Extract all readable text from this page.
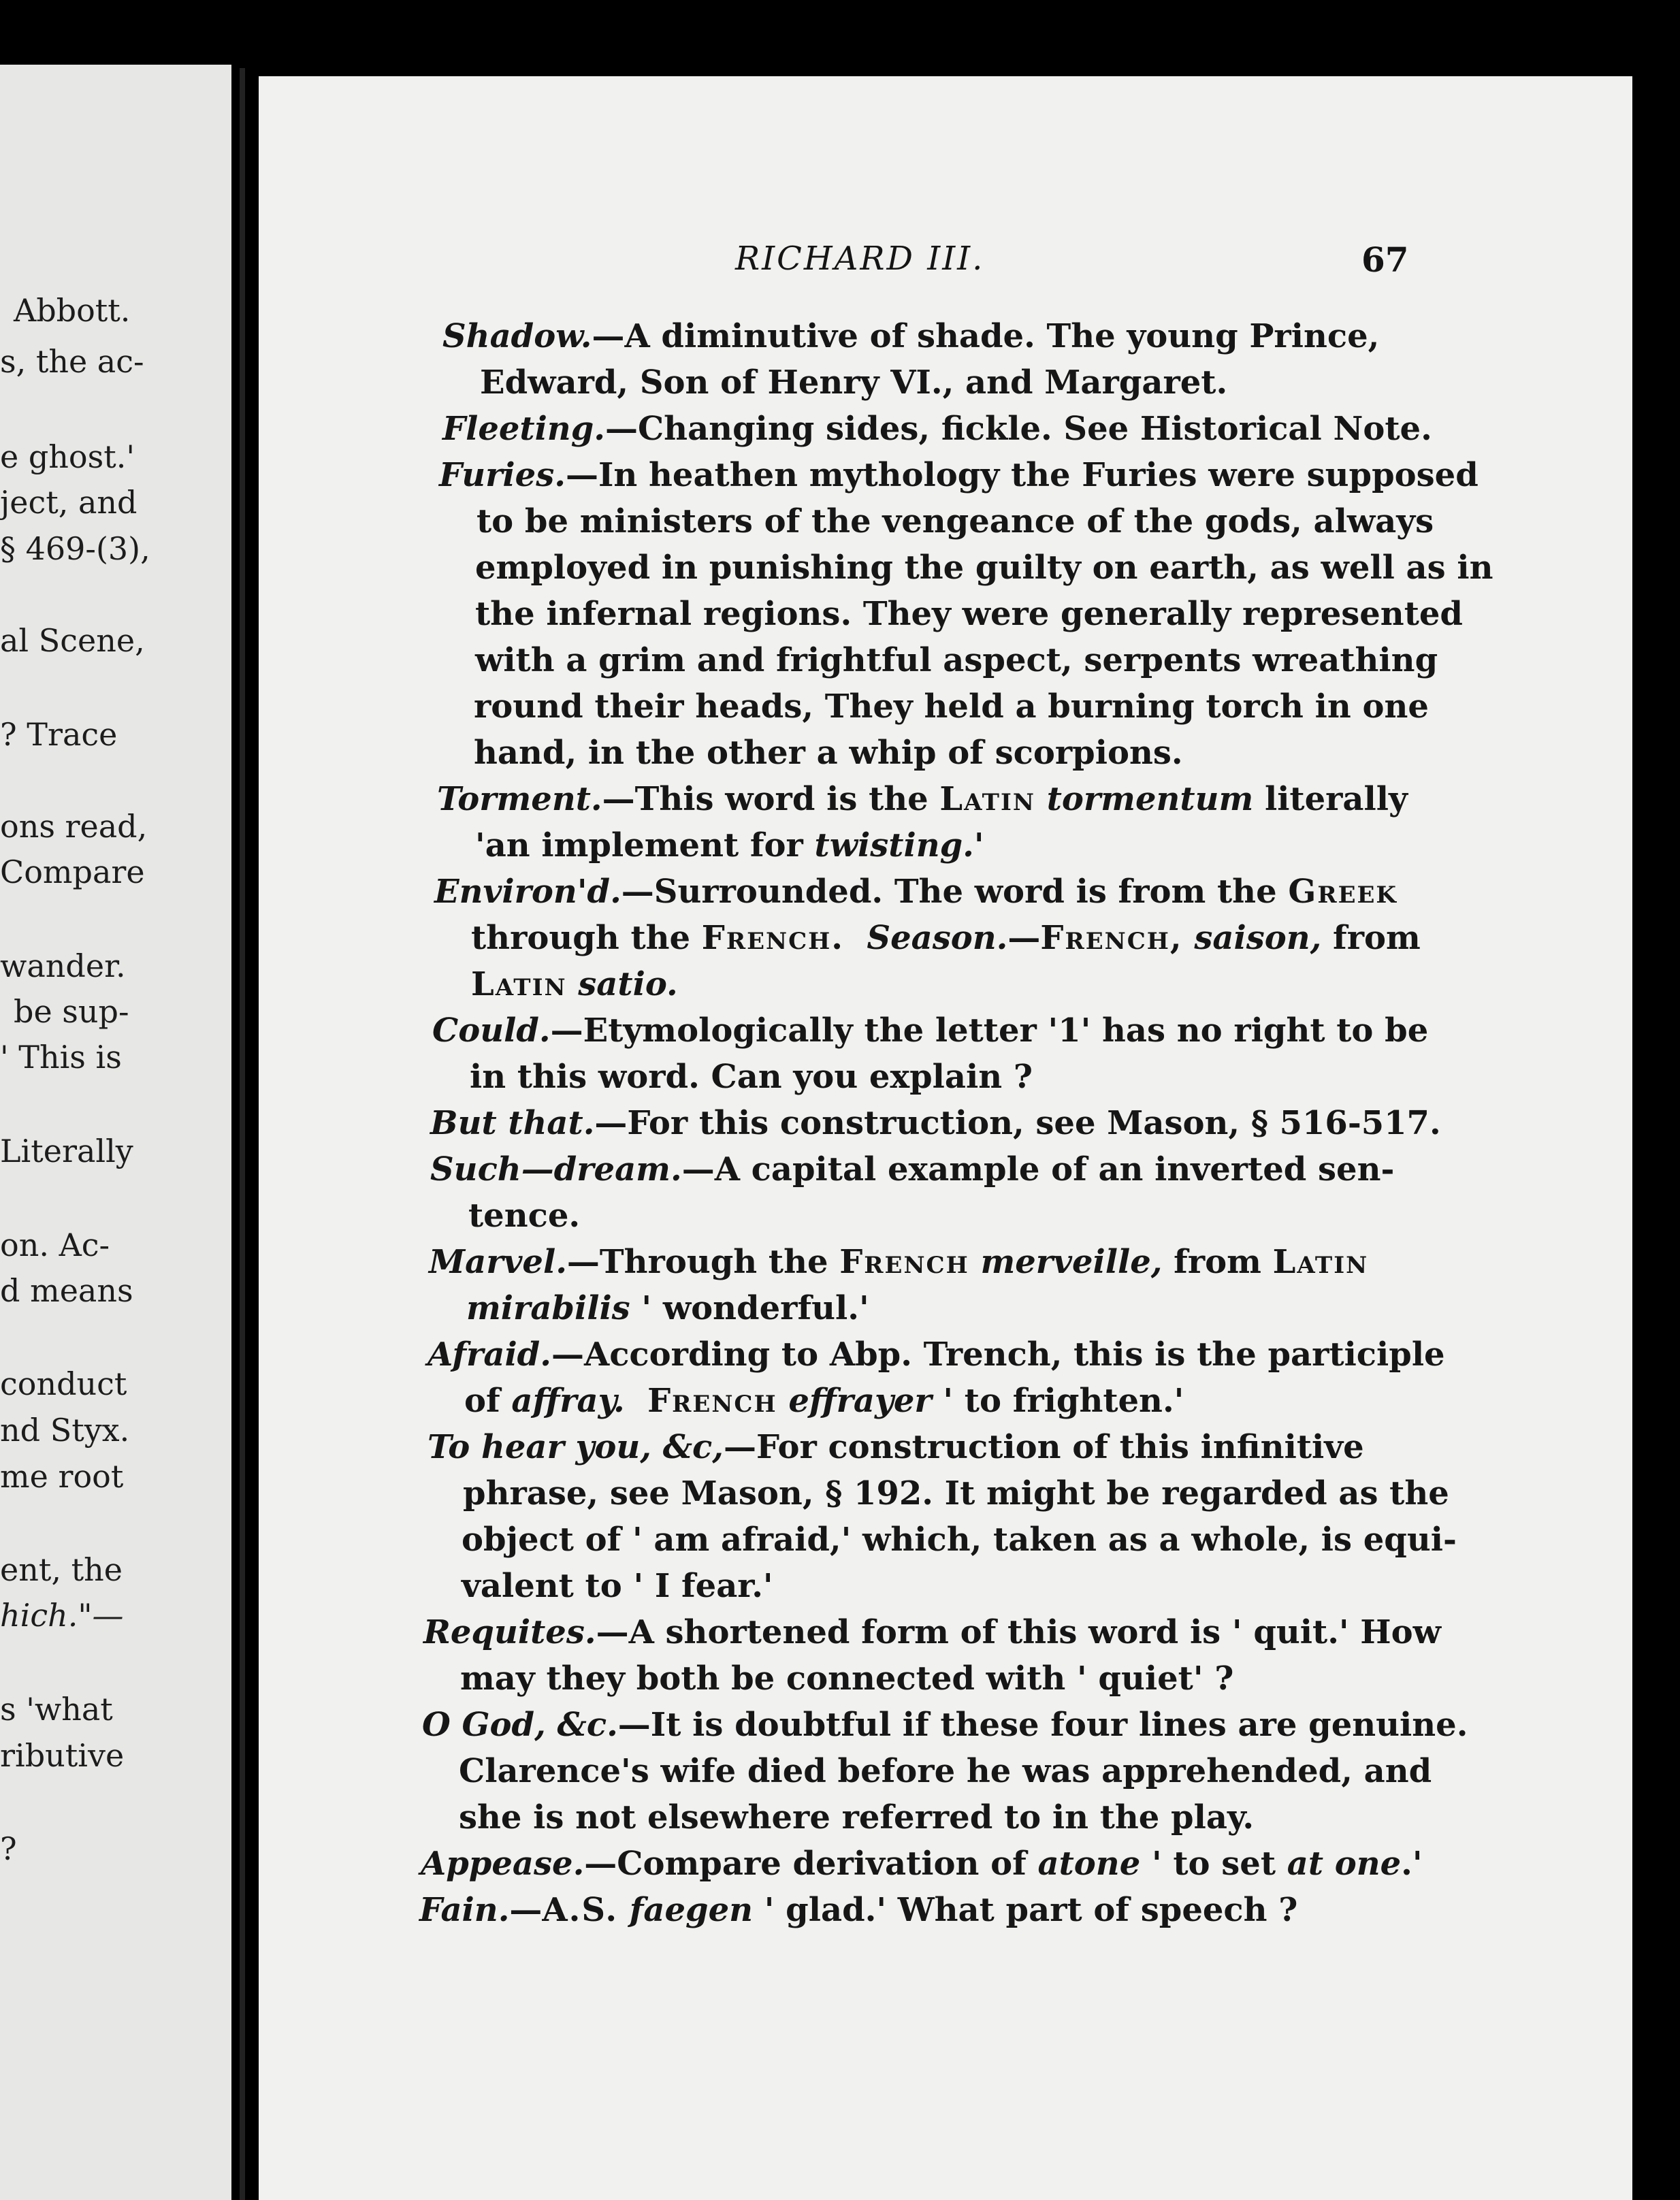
Abbott.
s, the ac-
e ghost.'
ject, and
§ 469-(3),
al Scene,
? Trace
ons read,
Compare
wander.
be sup-
' This is
Literally
on. Ac-
d means
conduct
nd Styx.
me root
ent, the
hich."—
s 'what
ributive
?
RICHARD III.	67
Shadow.—A diminutive of shade. The young Prince,
Edward, Son of Henry VI., and Margaret.
Fleeting.—Changing sides, fickle. See Historical Note.
Furies.—In heathen mythology the Furies were supposed
to be ministers of the vengeance of the gods, always
employed in punishing the guilty on earth, as well as in
the infernal regions. They were generally represented
with a grim and frightful aspect, serpents wreathing
round their heads, They held a burning torch in one
hand, in the other a whip of scorpions.
Torment.—This word is the Latin tormentum literally
'an implement for twisting.'
Environ'd.—Surrounded. The word is from the Greek
through the French. Season.—French, saison, from
Latin satio.
Could.—Etymologically the letter '1' has no right to be
in this word. Can you explain ?
But that.—For this construction, see Mason, § 516-517.
Such—dream.—A capital example of an inverted sen-
tence.
Marvel.—Through the French merveille, from Latin
mirabilis ' wonderful.'
Afraid.—According to Abp. Trench, this is the participle
of affray. French effrayer ' to frighten.'
To hear you, &c,—For construction of this infinitive
phrase, see Mason, § 192. It might be regarded as the
object of ' am afraid,' which, taken as a whole, is equi-
valent to ' I fear.'
Requites.—A shortened form of this word is ' quit.' How
may they both be connected with ' quiet' ?
O God, &c.—It is doubtful if these four lines are genuine.
Clarence's wife died before he was apprehended, and
she is not elsewhere referred to in the play.
Appease.—Compare derivation of atone ' to set at one.'
Fain.—A.S. faegen ' glad.' What part of speech ?
